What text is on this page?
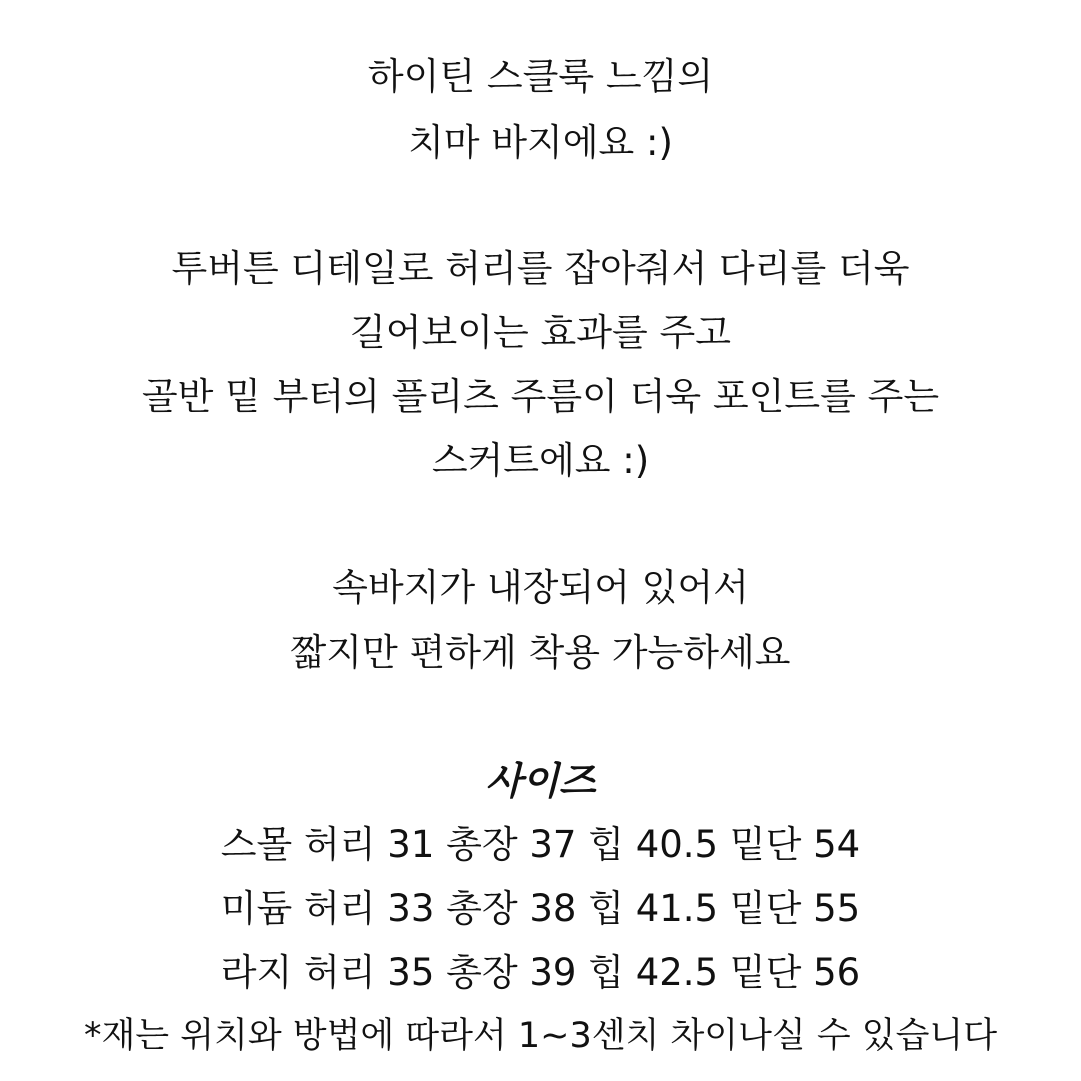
하이틴 스클룩 느낌의
치마 바지에요 :)
투버튼 디테일로 허리를 잡아줘서 다리를 더욱
길어보이는 효과를 주고
골반 밑 부터의 플리츠 주름이 더욱 포인트를 주는
스커트에요 :)
속바지가 내장되어 있어서
짧지만 편하게 착용 가능하세요
사이즈
스몰 허리 31 총장 37 힙 40.5 밑단 54
미듐 허리 33 총장 38 힙 41.5 밑단 55
라지 허리 35 총장 39 힙 42.5 밑단 56
*재는 위치와 방법에 따라서 1~3센치 차이나실 수 있습니다
